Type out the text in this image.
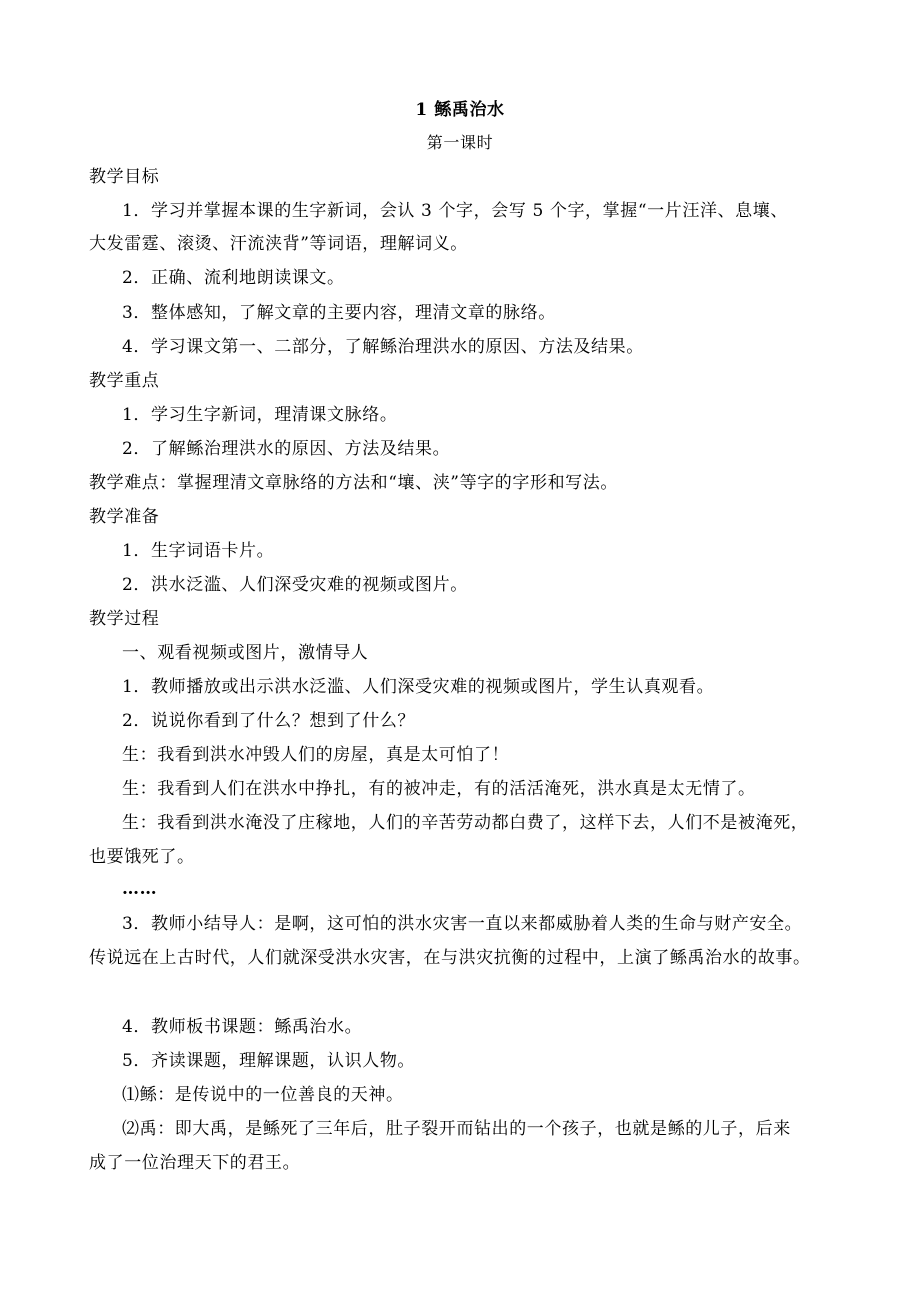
1 鲧禹治水
第一课时
教学目标
1．学习并掌握本课的生字新词，会认 3 个字，会写 5 个字，掌握“一片汪洋、息壤、
大发雷霆、滚烫、汗流浃背”等词语，理解词义。
2．正确、流利地朗读课文。
3．整体感知，了解文章的主要内容，理清文章的脉络。
4．学习课文第一、二部分，了解鲧治理洪水的原因、方法及结果。
教学重点
1．学习生字新词，理清课文脉络。
2．了解鲧治理洪水的原因、方法及结果。
教学难点：掌握理清文章脉络的方法和“壤、浃”等字的字形和写法。
教学准备
1．生字词语卡片。
2．洪水泛滥、人们深受灾难的视频或图片。
教学过程
一、观看视频或图片，激情导人
1．教师播放或出示洪水泛滥、人们深受灾难的视频或图片，学生认真观看。
2．说说你看到了什么？想到了什么？
生：我看到洪水冲毁人们的房屋，真是太可怕了！
生：我看到人们在洪水中挣扎，有的被冲走，有的活活淹死，洪水真是太无情了。
生：我看到洪水淹没了庄稼地，人们的辛苦劳动都白费了，这样下去，人们不是被淹死，
也要饿死了。
……
3．教师小结导人：是啊，这可怕的洪水灾害一直以来都威胁着人类的生命与财产安全。
传说远在上古时代，人们就深受洪水灾害，在与洪灾抗衡的过程中，上演了鲧禹治水的故事。
4．教师板书课题：鲧禹治水。
5．齐读课题，理解课题，认识人物。
⑴鲧：是传说中的一位善良的天神。
⑵禹：即大禹，是鲧死了三年后，肚子裂开而钻出的一个孩子，也就是鲧的儿子，后来
成了一位治理天下的君王。
